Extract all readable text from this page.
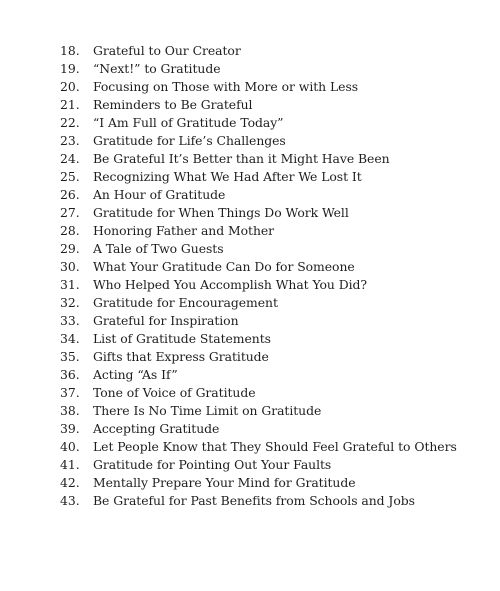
18.	Grateful to Our Creator
19.	“Next!” to Gratitude
20.	Focusing on Those with More or with Less
21.	Reminders to Be Grateful
22.	“I Am Full of Gratitude Today”
23.	Gratitude for Life’s Challenges
24.	Be Grateful It’s Better than it Might Have Been
25.	Recognizing What We Had After We Lost It
26.	An Hour of Gratitude
27.	Gratitude for When Things Do Work Well
28.	Honoring Father and Mother
29.	A Tale of Two Guests
30.	What Your Gratitude Can Do for Someone
31.	Who Helped You Accomplish What You Did?
32.	Gratitude for Encouragement
33.	Grateful for Inspiration
34.	List of Gratitude Statements
35.	Gifts that Express Gratitude
36.	Acting “As If”
37.	Tone of Voice of Gratitude
38.	There Is No Time Limit on Gratitude
39.	Accepting Gratitude
40.	Let People Know that They Should Feel Grateful to Others
41.	Gratitude for Pointing Out Your Faults
42.	Mentally Prepare Your Mind for Gratitude
43.	Be Grateful for Past Benefits from Schools and Jobs
